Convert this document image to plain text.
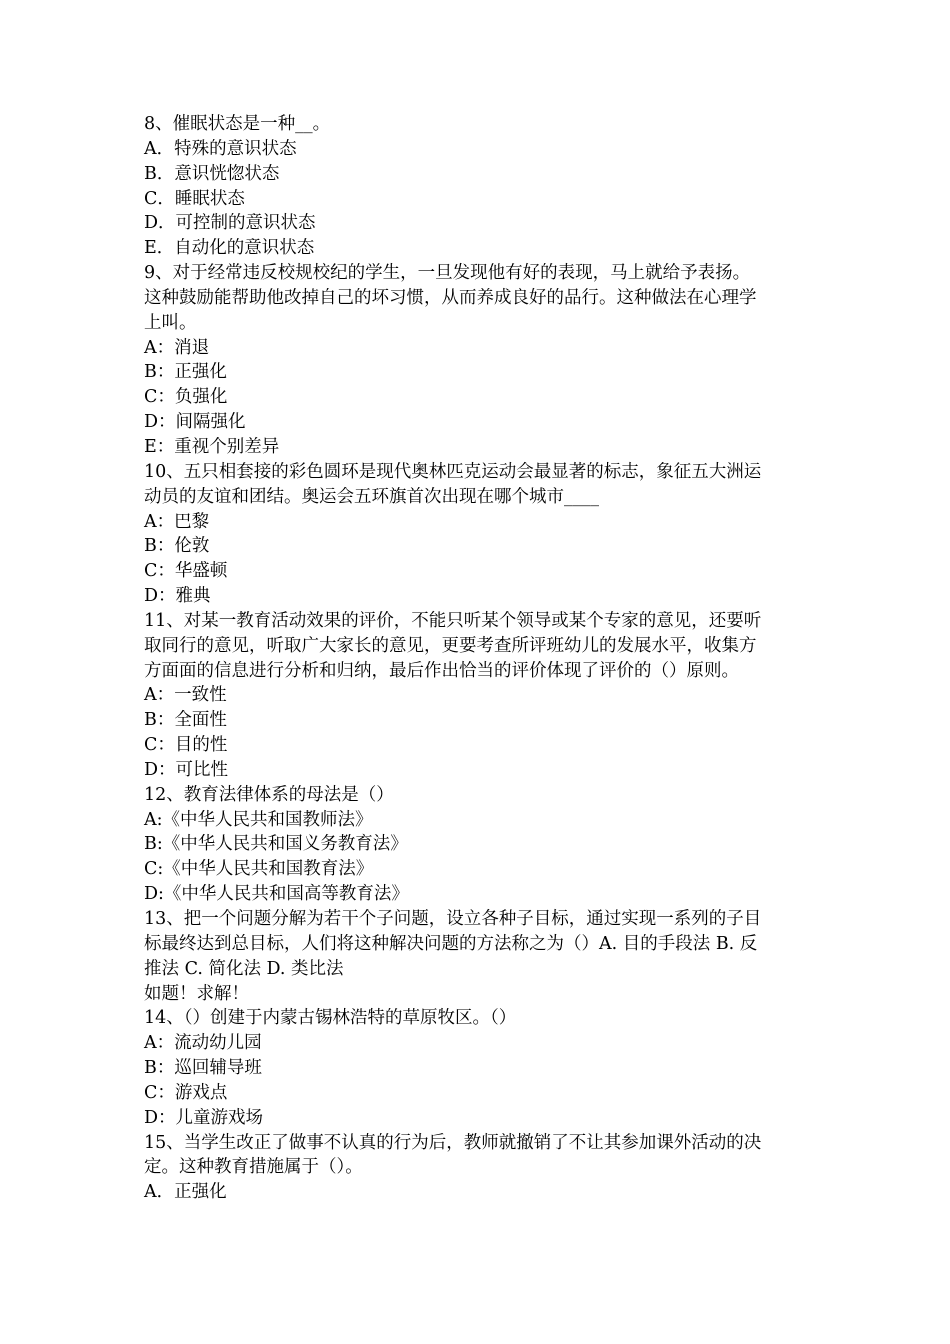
8、催眠状态是一种__。
A．特殊的意识状态
B．意识恍惚状态
C．睡眠状态
D．可控制的意识状态
E．自动化的意识状态
9、对于经常违反校规校纪的学生，一旦发现他有好的表现，马上就给予表扬。
这种鼓励能帮助他改掉自己的坏习惯，从而养成良好的品行。这种做法在心理学
上叫。
A：消退
B：正强化
C：负强化
D：间隔强化
E：重视个别差异
10、五只相套接的彩色圆环是现代奥林匹克运动会最显著的标志，象征五大洲运
动员的友谊和团结。奥运会五环旗首次出现在哪个城市____
A：巴黎
B：伦敦
C：华盛顿
D：雅典
11、对某一教育活动效果的评价，不能只听某个领导或某个专家的意见，还要听
取同行的意见，听取广大家长的意见，更要考查所评班幼儿的发展水平，收集方
方面面的信息进行分析和归纳，最后作出恰当的评价体现了评价的（）原则。
A：一致性
B：全面性
C：目的性
D：可比性
12、教育法律体系的母法是（）
A:《中华人民共和国教师法》
B:《中华人民共和国义务教育法》
C:《中华人民共和国教育法》
D:《中华人民共和国高等教育法》
13、把一个问题分解为若干个子问题，设立各种子目标，通过实现一系列的子目
标最终达到总目标，人们将这种解决问题的方法称之为（）A. 目的手段法 B. 反
推法 C. 简化法 D. 类比法
如题！求解！
14、（）创建于内蒙古锡林浩特的草原牧区。（）
A：流动幼儿园
B：巡回辅导班
C：游戏点
D：儿童游戏场
15、当学生改正了做事不认真的行为后，教师就撤销了不让其参加课外活动的决
定。这种教育措施属于（）。
A．正强化
